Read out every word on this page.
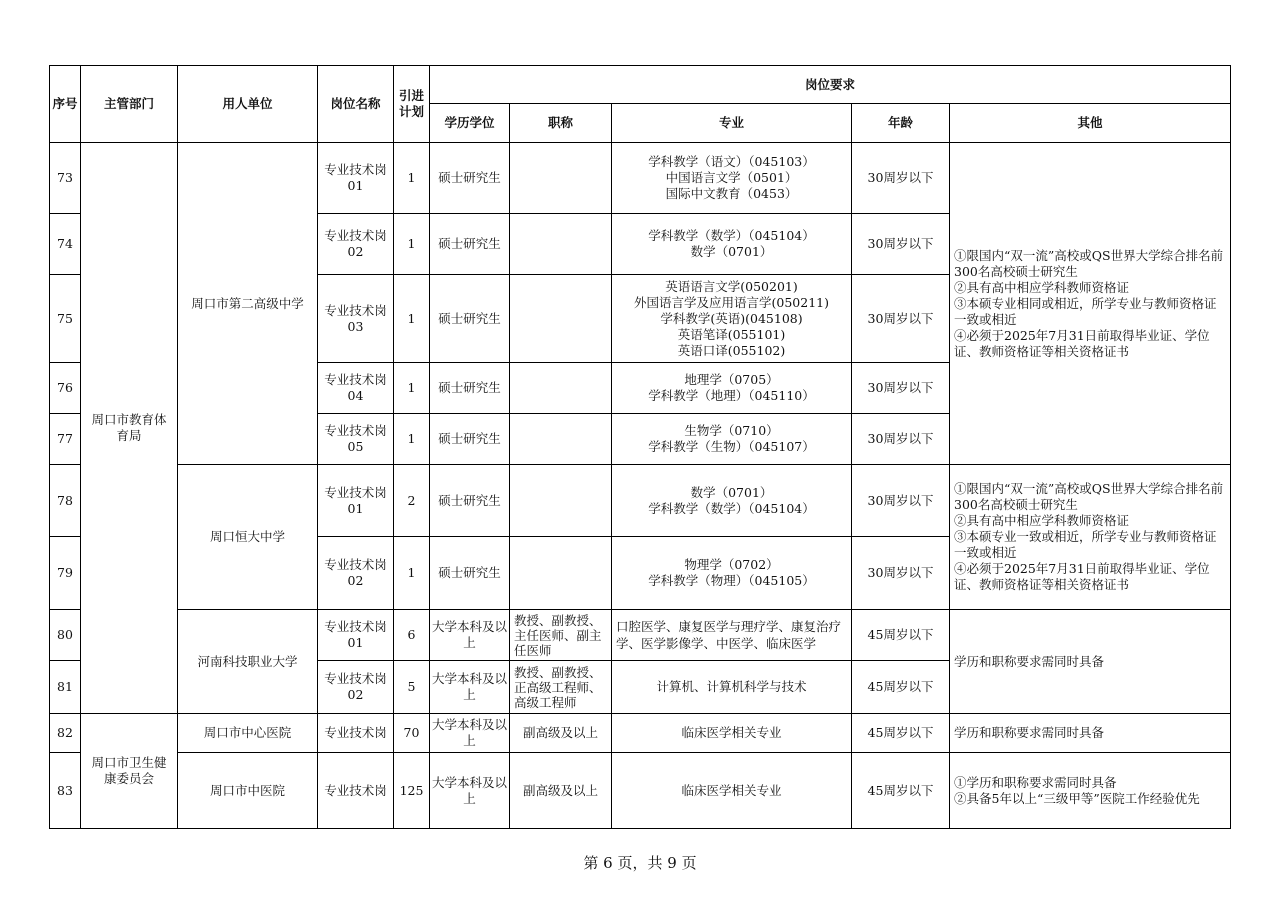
序号	主管部门	用人单位	岗位名称	引进计划	岗位要求				
					学历学位	职称	专业	年龄	其他
73	周口市教育体育局	周口市第二高级中学	专业技术岗01	1	硕士研究生		学科教学（语文）（045103）
中国语言文学（0501）
国际中文教育（0453）	30周岁以下	①限国内“双一流”高校或QS世界大学综合排名前300名高校硕士研究生
②具有高中相应学科教师资格证
③本硕专业相同或相近，所学专业与教师资格证一致或相近
④必须于2025年7月31日前取得毕业证、学位证、教师资格证等相关资格证书

74			专业技术岗02	1	硕士研究生		学科教学（数学）（045104）
数学（0701）	30周岁以下	
75			专业技术岗03	1	硕士研究生		英语语言文学(050201)
外国语言学及应用语言学(050211)
学科教学(英语)(045108)
英语笔译(055101)
英语口译(055102)	30周岁以下	
76			专业技术岗04	1	硕士研究生		地理学（0705）
学科教学（地理）（045110）	30周岁以下	
77			专业技术岗05	1	硕士研究生		生物学（0710）
学科教学（生物）（045107）	30周岁以下	
78		周口恒大中学	专业技术岗01	2	硕士研究生		数学（0701）
学科教学（数学）（045104）	30周岁以下	①限国内“双一流”高校或QS世界大学综合排名前300名高校硕士研究生
②具有高中相应学科教师资格证
③本硕专业一致或相近，所学专业与教师资格证一致或相近
④必须于2025年7月31日前取得毕业证、学位证、教师资格证等相关资格证书

79			专业技术岗02	1	硕士研究生		物理学（0702）
学科教学（物理）（045105）	30周岁以下	
80		河南科技职业大学	专业技术岗01	6	大学本科及以上	教授、副教授、主任医师、副主任医师	口腔医学、康复医学与理疗学、康复治疗学、医学影像学、中医学、临床医学	45周岁以下	学历和职称要求需同时具备
81			专业技术岗02	5	大学本科及以上	教授、副教授、正高级工程师、高级工程师	计算机、计算机科学与技术	45周岁以下	
82	周口市卫生健康委员会	周口市中心医院	专业技术岗	70	大学本科及以上	副高级及以上	临床医学相关专业	45周岁以下	学历和职称要求需同时具备
83		周口市中医院	专业技术岗	125	大学本科及以上	副高级及以上	临床医学相关专业	45周岁以下	①学历和职称要求需同时具备
②具备5年以上“三级甲等”医院工作经验优先
第 6 页，共 9 页
